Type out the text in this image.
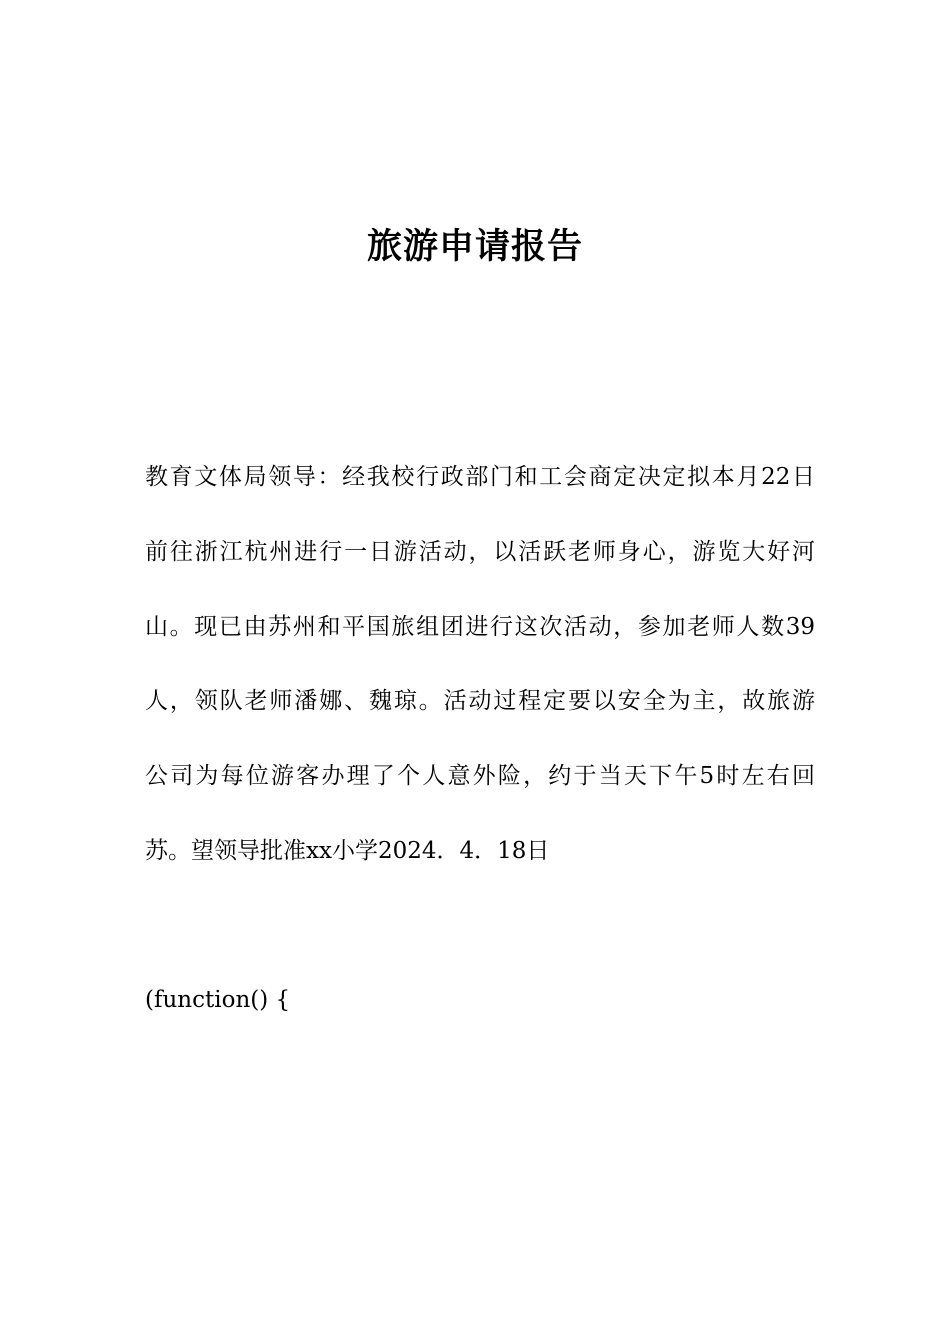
旅游申请报告
教育文体局领导：经我校行政部门和工会商定决定拟本月22日
前往浙江杭州进行一日游活动，以活跃老师身心，游览大好河
山。现已由苏州和平国旅组团进行这次活动，参加老师人数39
人，领队老师潘娜、魏琼。活动过程定要以安全为主，故旅游
公司为每位游客办理了个人意外险，约于当天下午5时左右回
苏。望领导批准xx小学2024．4．18日
(function() {
